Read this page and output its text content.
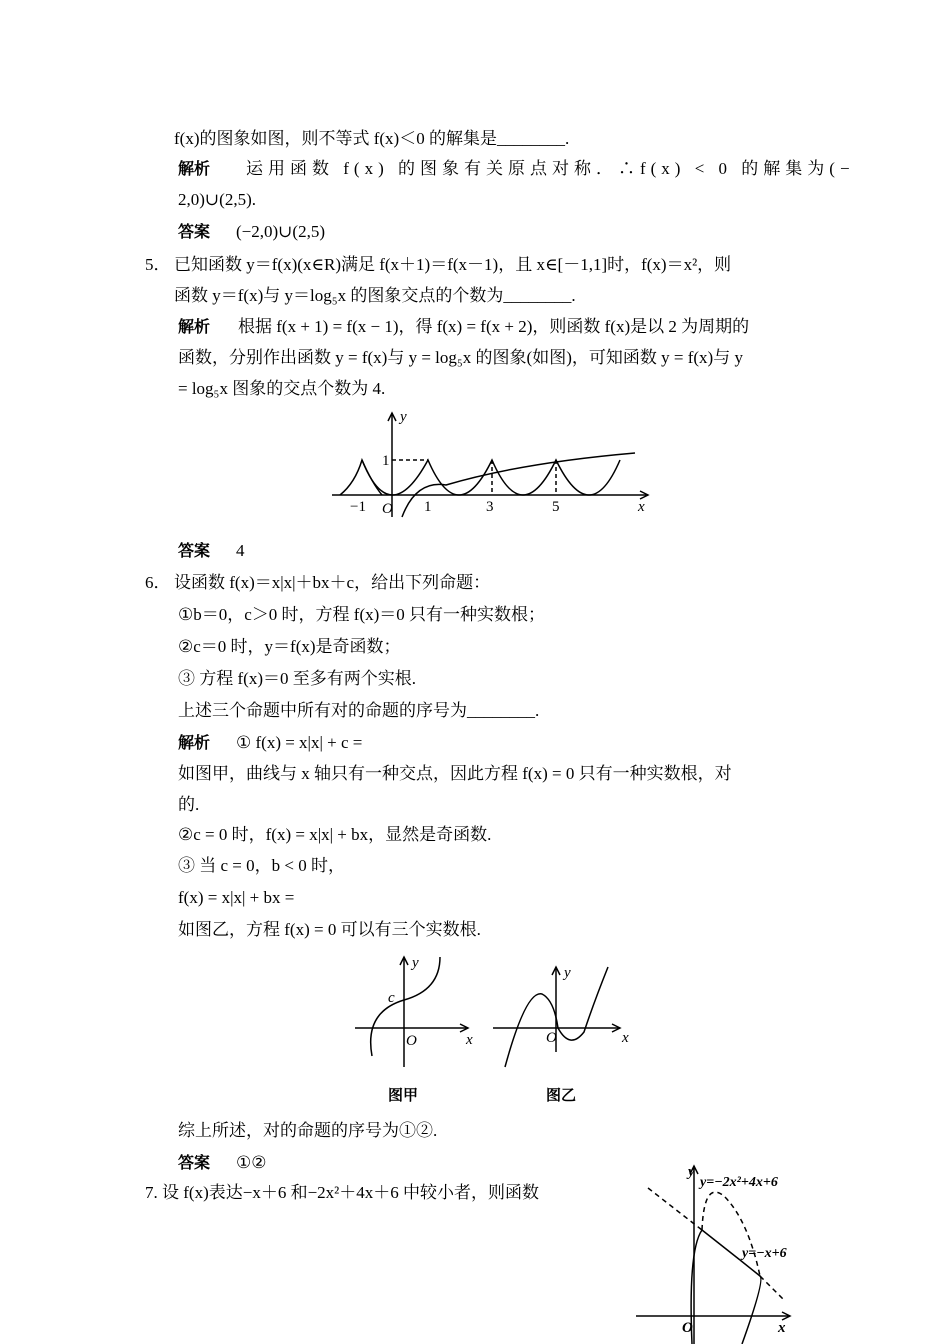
f(x)的图象如图，则不等式 f(x)＜0 的解集是________.
解析 运用函数 f(x) 的图象有关原点对称．∴f(x) < 0 的解集为(−
2,0)∪(2,5).
答案 (−2,0)∪(2,5)
5． 已知函数 y＝f(x)(x∈R)满足 f(x＋1)＝f(x－1)，且 x∈[－1,1]时，f(x)＝x²，则
函数 y＝f(x)与 y＝log₅x 的图象交点的个数为________.
解析 根据 f(x + 1) = f(x − 1)，得 f(x) = f(x + 2)，则函数 f(x)是以 2 为周期的
函数，分别作出函数 y = f(x)与 y = log₅x 的图象(如图)，可知函数 y = f(x)与 y
= log₅x 图象的交点个数为 4.
y
x
O
1
−1	1	3	5
答案 4
6． 设函数 f(x)＝x|x|＋bx＋c，给出下列命题：
①b＝0，c＞0 时，方程 f(x)＝0 只有一种实数根；
②c＝0 时，y＝f(x)是奇函数；
③ 方程 f(x)＝0 至多有两个实根.
上述三个命题中所有对的命题的序号为________.
解析 ① f(x) = x|x| + c =
如图甲，曲线与 x 轴只有一种交点，因此方程 f(x) = 0 只有一种实数根，对
的.
②c = 0 时，f(x) = x|x| + bx，显然是奇函数.
③ 当 c = 0，b < 0 时，
f(x) = x|x| + bx =
如图乙，方程 f(x) = 0 可以有三个实数根.
y
x
O
c
图甲
y
x
O
图乙
综上所述，对的命题的序号为①②.
答案 ①②
7. 设 f(x)表达−x＋6 和−2x²＋4x＋6 中较小者，则函数
y
x
O
y=−2x²+4x+6
y=−x+6
